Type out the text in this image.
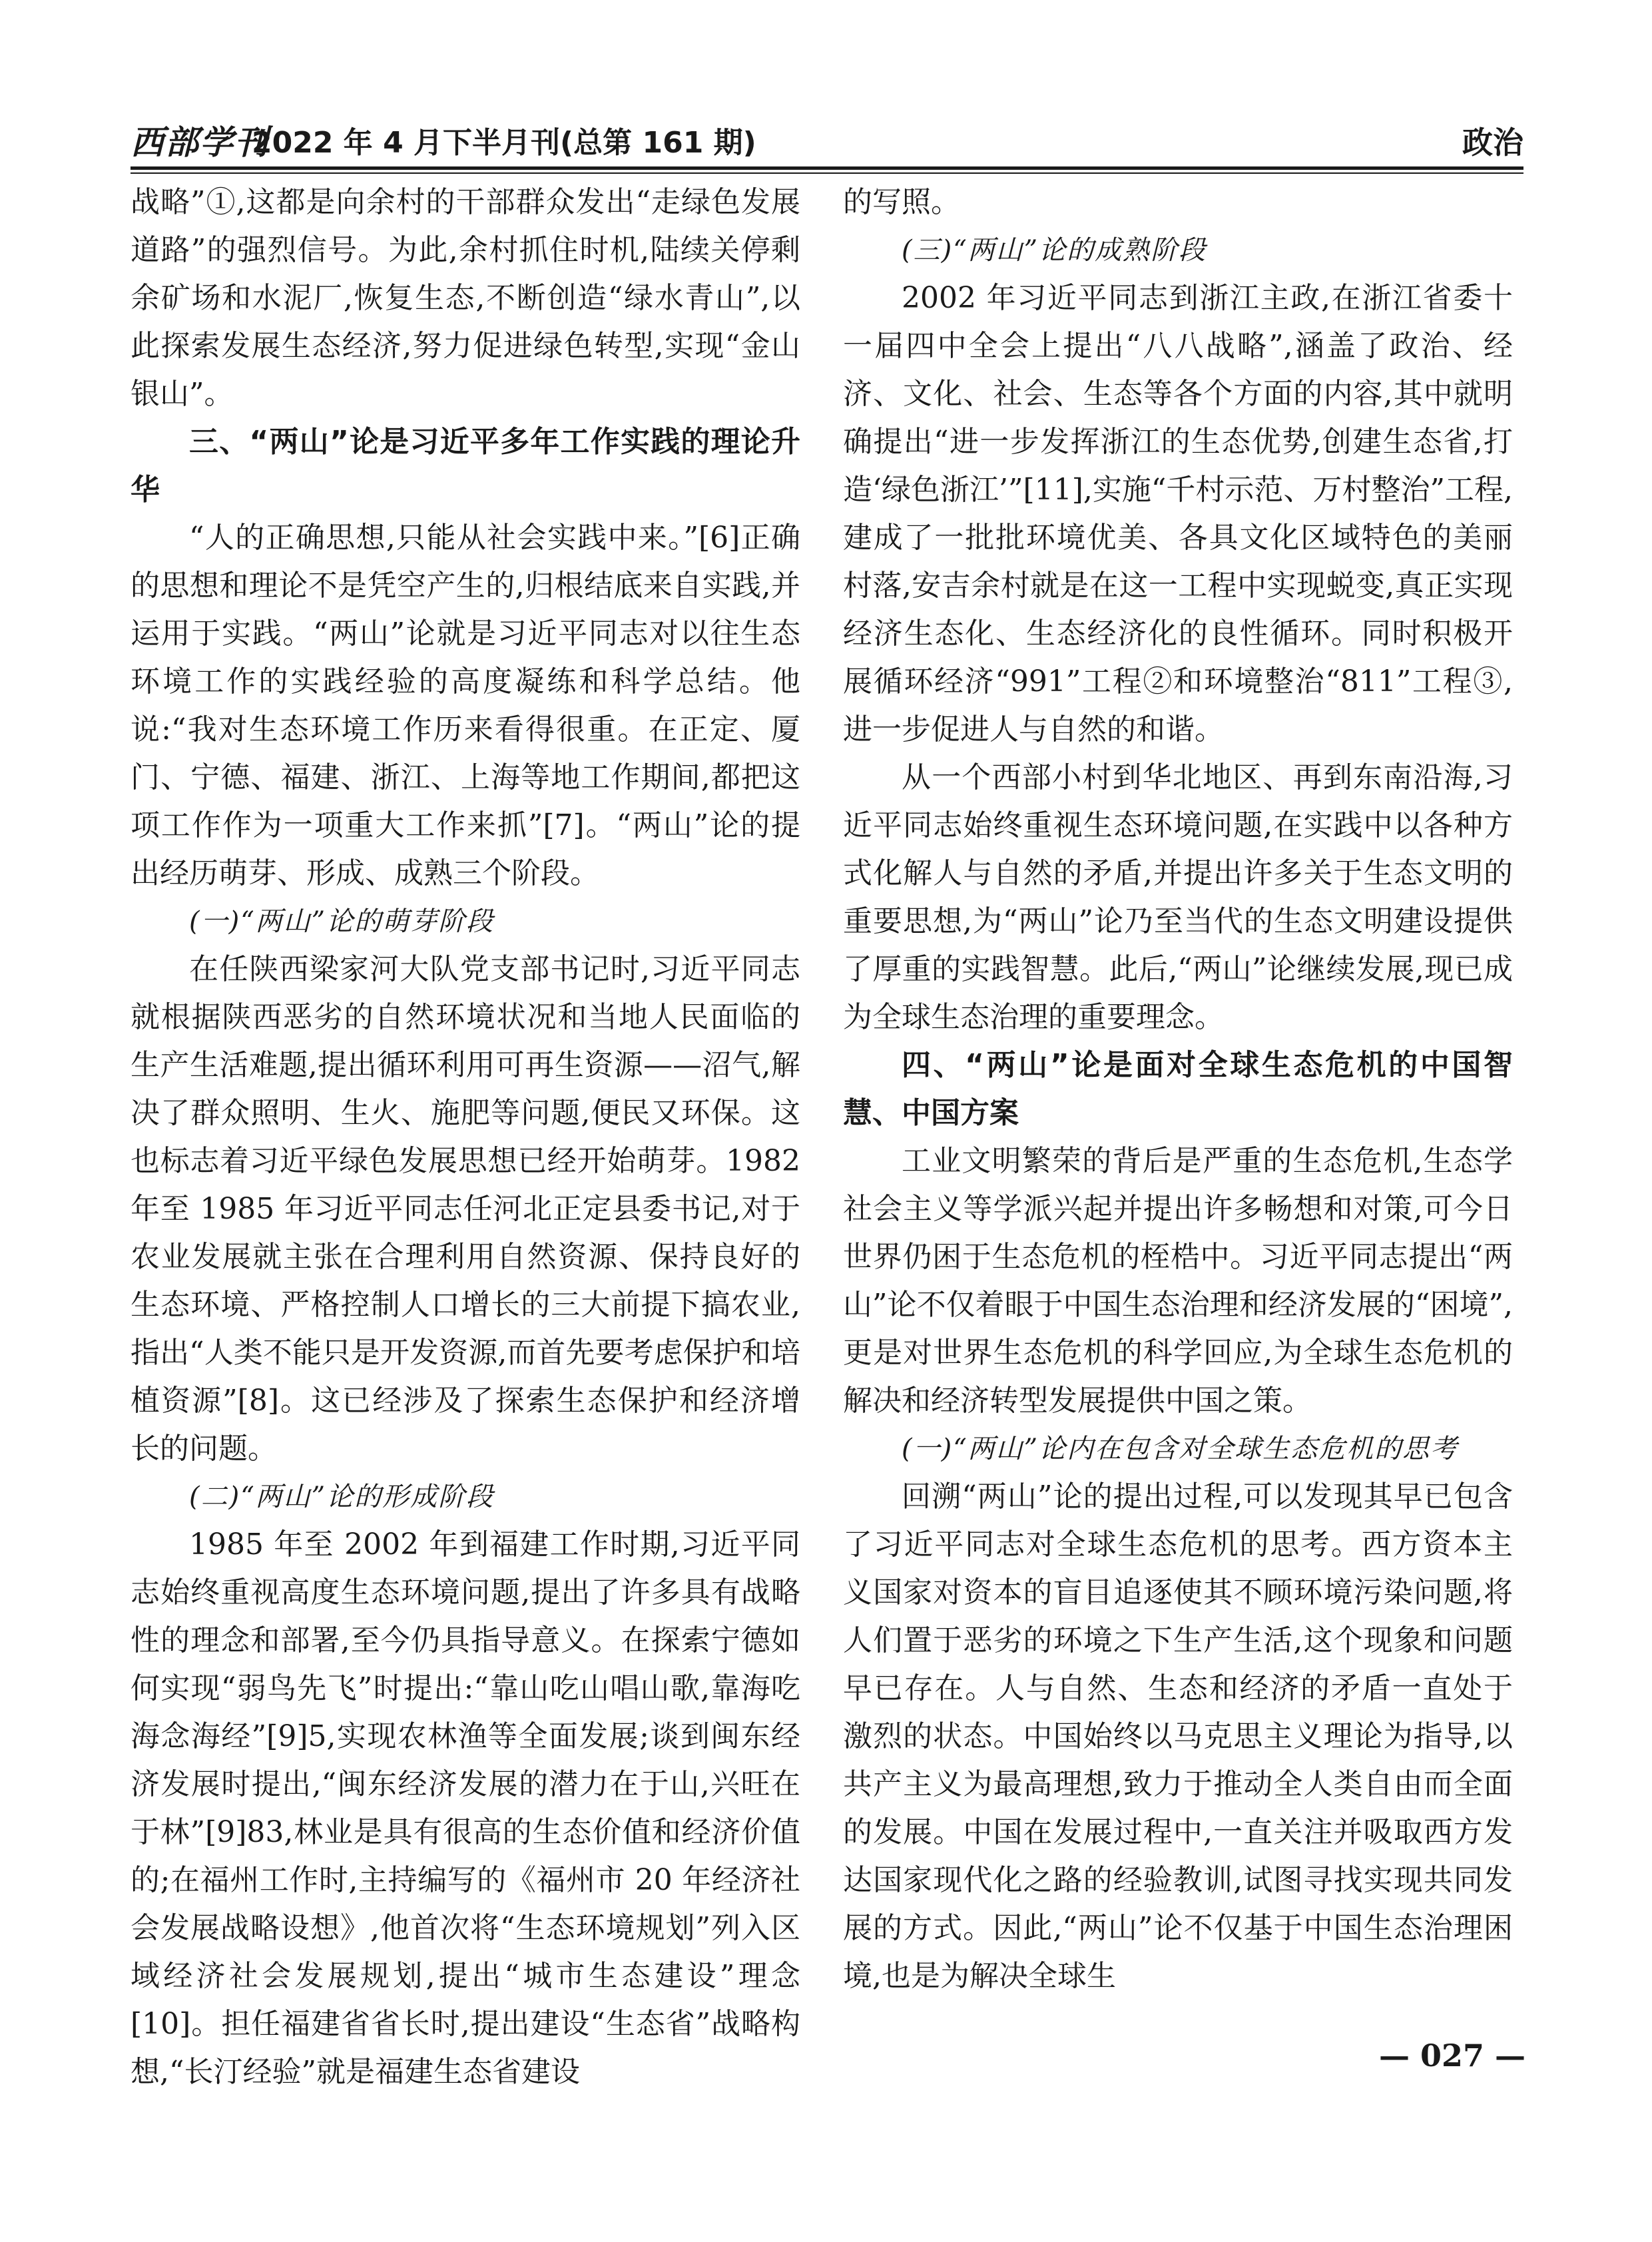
西部学刊
2022 年 4 月下半月刊(总第 161 期)	政治

战略”①,这都是向余村的干部群众发出“走绿色发展道路”的强烈信号。为此,余村抓住时机,陆续关停剩余矿场和水泥厂,恢复生态,不断创造“绿水青山”,以此探索发展生态经济,努力促进绿色转型,实现“金山银山”。

三、“两山”论是习近平多年工作实践的理论升华

“人的正确思想,只能从社会实践中来。”[6]正确的思想和理论不是凭空产生的,归根结底来自实践,并运用于实践。“两山”论就是习近平同志对以往生态环境工作的实践经验的高度凝练和科学总结。他说:“我对生态环境工作历来看得很重。在正定、厦门、宁德、福建、浙江、上海等地工作期间,都把这项工作作为一项重大工作来抓”[7]。“两山”论的提出经历萌芽、形成、成熟三个阶段。

(一)“两山”论的萌芽阶段

在任陕西梁家河大队党支部书记时,习近平同志就根据陕西恶劣的自然环境状况和当地人民面临的生产生活难题,提出循环利用可再生资源——沼气,解决了群众照明、生火、施肥等问题,便民又环保。这也标志着习近平绿色发展思想已经开始萌芽。1982 年至 1985 年习近平同志任河北正定县委书记,对于农业发展就主张在合理利用自然资源、保持良好的生态环境、严格控制人口增长的三大前提下搞农业,指出“人类不能只是开发资源,而首先要考虑保护和培植资源”[8]。这已经涉及了探索生态保护和经济增长的问题。

(二)“两山”论的形成阶段

1985 年至 2002 年到福建工作时期,习近平同志始终重视高度生态环境问题,提出了许多具有战略性的理念和部署,至今仍具指导意义。在探索宁德如何实现“弱鸟先飞”时提出:“靠山吃山唱山歌,靠海吃海念海经”[9]5,实现农林渔等全面发展;谈到闽东经济发展时提出,“闽东经济发展的潜力在于山,兴旺在于林”[9]83,林业是具有很高的生态价值和经济价值的;在福州工作时,主持编写的《福州市 20 年经济社会发展战略设想》,他首次将“生态环境规划”列入区域经济社会发展规划,提出“城市生态建设”理念[10]。担任福建省省长时,提出建设“生态省”战略构想,“长汀经验”就是福建生态省建设

的写照。

(三)“两山”论的成熟阶段

2002 年习近平同志到浙江主政,在浙江省委十一届四中全会上提出“八八战略”,涵盖了政治、经济、文化、社会、生态等各个方面的内容,其中就明确提出“进一步发挥浙江的生态优势,创建生态省,打造‘绿色浙江’”[11],实施“千村示范、万村整治”工程,建成了一批批环境优美、各具文化区域特色的美丽村落,安吉余村就是在这一工程中实现蜕变,真正实现经济生态化、生态经济化的良性循环。同时积极开展循环经济“991”工程②和环境整治“811”工程③,进一步促进人与自然的和谐。

从一个西部小村到华北地区、再到东南沿海,习近平同志始终重视生态环境问题,在实践中以各种方式化解人与自然的矛盾,并提出许多关于生态文明的重要思想,为“两山”论乃至当代的生态文明建设提供了厚重的实践智慧。此后,“两山”论继续发展,现已成为全球生态治理的重要理念。

四、“两山”论是面对全球生态危机的中国智慧、中国方案

工业文明繁荣的背后是严重的生态危机,生态学社会主义等学派兴起并提出许多畅想和对策,可今日世界仍困于生态危机的桎梏中。习近平同志提出“两山”论不仅着眼于中国生态治理和经济发展的“困境”,更是对世界生态危机的科学回应,为全球生态危机的解决和经济转型发展提供中国之策。

(一)“两山”论内在包含对全球生态危机的思考

回溯“两山”论的提出过程,可以发现其早已包含了习近平同志对全球生态危机的思考。西方资本主义国家对资本的盲目追逐使其不顾环境污染问题,将人们置于恶劣的环境之下生产生活,这个现象和问题早已存在。人与自然、生态和经济的矛盾一直处于激烈的状态。中国始终以马克思主义理论为指导,以共产主义为最高理想,致力于推动全人类自由而全面的发展。中国在发展过程中,一直关注并吸取西方发达国家现代化之路的经验教训,试图寻找实现共同发展的方式。因此,“两山”论不仅基于中国生态治理困境,也是为解决全球生

— 027 —
